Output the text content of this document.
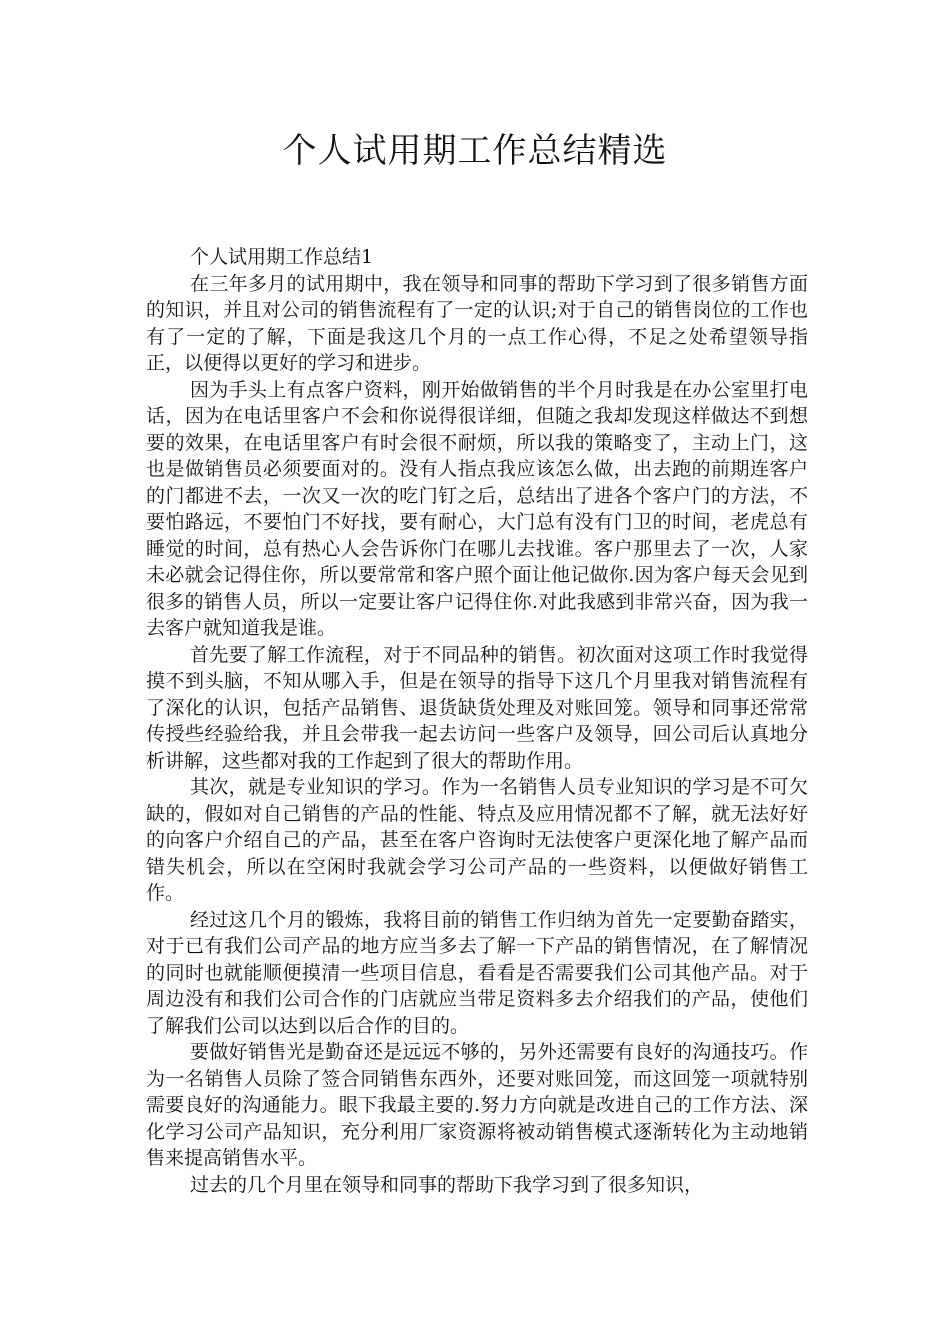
个人试用期工作总结精选

个人试用期工作总结1

在三年多月的试用期中，我在领导和同事的帮助下学习到了很多销售方面的知识，并且对公司的销售流程有了一定的认识;对于自己的销售岗位的工作也有了一定的了解，下面是我这几个月的一点工作心得，不足之处希望领导指正，以便得以更好的学习和进步。

因为手头上有点客户资料，刚开始做销售的半个月时我是在办公室里打电话，因为在电话里客户不会和你说得很详细，但随之我却发现这样做达不到想要的效果，在电话里客户有时会很不耐烦，所以我的策略变了，主动上门，这也是做销售员必须要面对的。没有人指点我应该怎么做，出去跑的前期连客户的门都进不去，一次又一次的吃门钉之后，总结出了进各个客户门的方法，不要怕路远，不要怕门不好找，要有耐心，大门总有没有门卫的时间，老虎总有睡觉的时间，总有热心人会告诉你门在哪儿去找谁。客户那里去了一次，人家未必就会记得住你，所以要常常和客户照个面让他记做你.因为客户每天会见到很多的销售人员，所以一定要让客户记得住你.对此我感到非常兴奋，因为我一去客户就知道我是谁。

首先要了解工作流程，对于不同品种的销售。初次面对这项工作时我觉得摸不到头脑，不知从哪入手，但是在领导的指导下这几个月里我对销售流程有了深化的认识，包括产品销售、退货缺货处理及对账回笼。领导和同事还常常传授些经验给我，并且会带我一起去访问一些客户及领导，回公司后认真地分析讲解，这些都对我的工作起到了很大的帮助作用。

其次，就是专业知识的学习。作为一名销售人员专业知识的学习是不可欠缺的，假如对自己销售的产品的性能、特点及应用情况都不了解，就无法好好的向客户介绍自己的产品，甚至在客户咨询时无法使客户更深化地了解产品而错失机会，所以在空闲时我就会学习公司产品的一些资料，以便做好销售工作。

经过这几个月的锻炼，我将目前的销售工作归纳为首先一定要勤奋踏实，对于已有我们公司产品的地方应当多去了解一下产品的销售情况，在了解情况的同时也就能顺便摸清一些项目信息，看看是否需要我们公司其他产品。对于周边没有和我们公司合作的门店就应当带足资料多去介绍我们的产品，使他们了解我们公司以达到以后合作的目的。

要做好销售光是勤奋还是远远不够的，另外还需要有良好的沟通技巧。作为一名销售人员除了签合同销售东西外，还要对账回笼，而这回笼一项就特别需要良好的沟通能力。眼下我最主要的.努力方向就是改进自己的工作方法、深化学习公司产品知识，充分利用厂家资源将被动销售模式逐渐转化为主动地销售来提高销售水平。

过去的几个月里在领导和同事的帮助下我学习到了很多知识，
